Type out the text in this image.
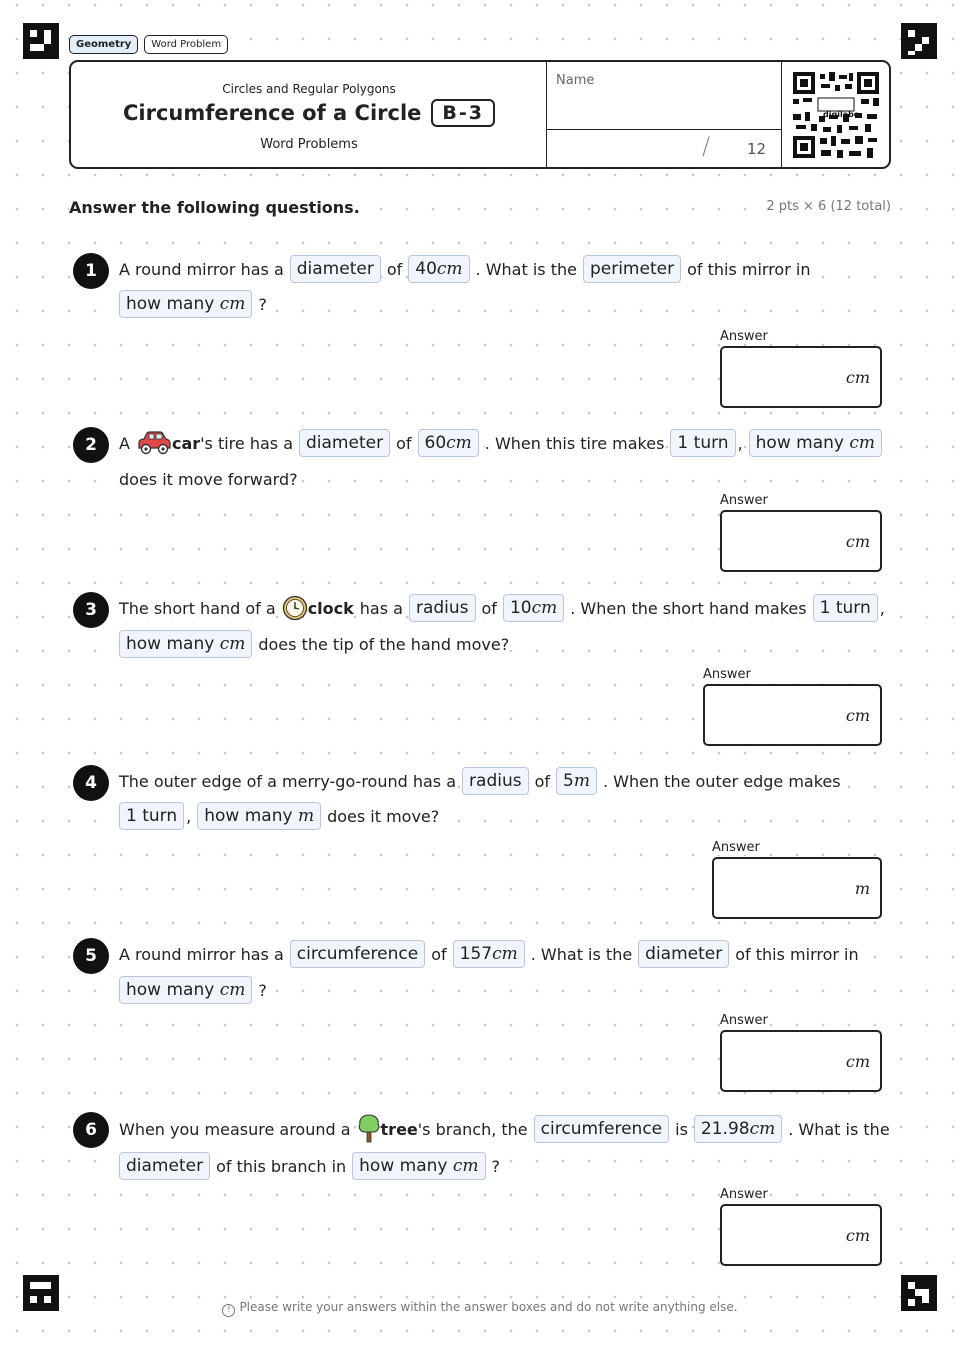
Geometry	Word Problem
Circles and Regular Polygons
Circumference of a Circle	B-3
Word Problems
Name
/ 12
digilabo
Answer the following questions.	2 pts × 6 (12 total)
1	A round mirror has a diameter of 40cm . What is the perimeter of this mirror in
how many cm ?
Answer
cm
2	A	car 's tire has a diameter of 60cm . When this tire makes 1 turn , how many cm
does it move forward?
Answer
cm
3	The short hand of a clock has a radius of 10cm . When the short hand makes 1 turn ,
how many cm does the tip of the hand move?
Answer
cm
4	The outer edge of a merry-go-round has a radius of 5m . When the outer edge makes
1 turn , how many m does it move?
Answer
m
5	A round mirror has a circumference of 157cm . What is the diameter of this mirror in
how many cm ?
Answer
cm
6	When you measure around a tree 's branch, the circumference is 21.98cm . What is the
diameter of this branch in how many cm ?
Answer
cm
! Please write your answers within the answer boxes and do not write anything else.
